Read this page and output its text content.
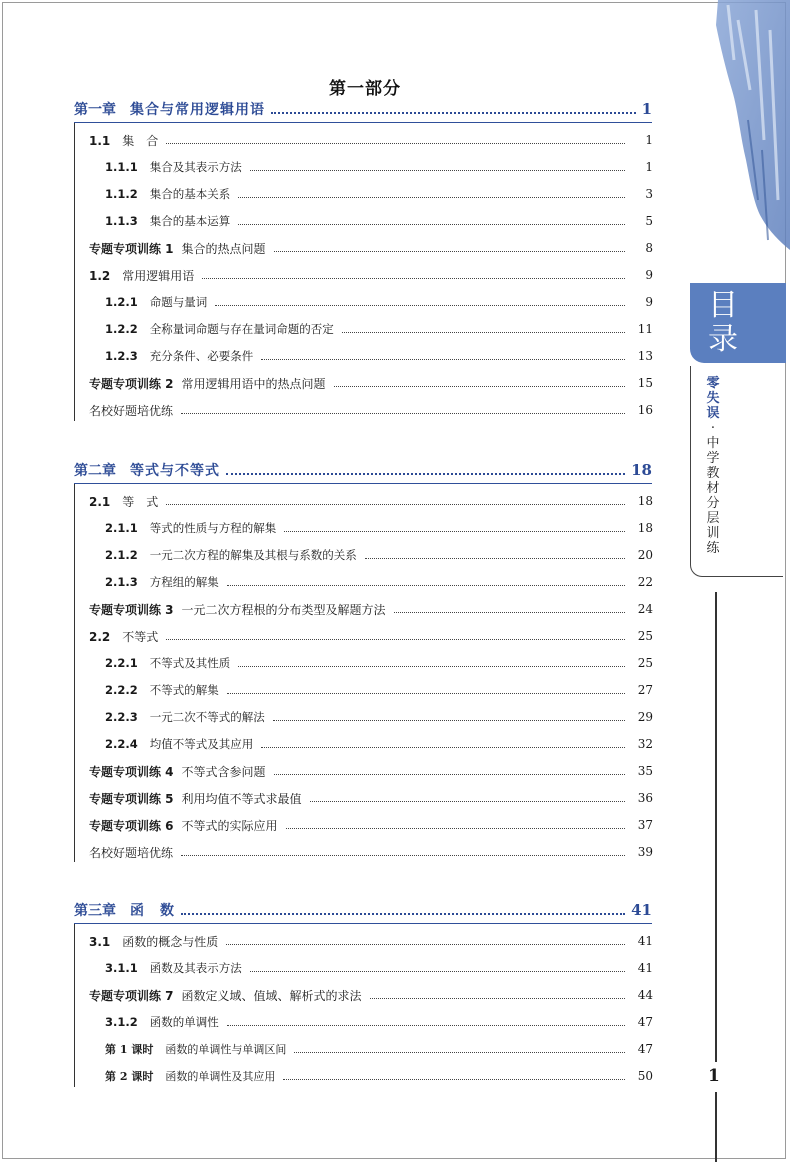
第一部分
第一章 集合与常用逻辑用语	1
1.1 集　合	1
1.1.1 集合及其表示方法	1
1.1.2 集合的基本关系	3
1.1.3 集合的基本运算	5
专题专项训练 1 集合的热点问题	8
1.2 常用逻辑用语	9
1.2.1 命题与量词	9
1.2.2 全称量词命题与存在量词命题的否定	11
1.2.3 充分条件、必要条件	13
专题专项训练 2 常用逻辑用语中的热点问题	15
名校好题培优练	16
第二章 等式与不等式	18
2.1 等　式	18
2.1.1 等式的性质与方程的解集	18
2.1.2 一元二次方程的解集及其根与系数的关系	20
2.1.3 方程组的解集	22
专题专项训练 3 一元二次方程根的分布类型及解题方法	24
2.2 不等式	25
2.2.1 不等式及其性质	25
2.2.2 不等式的解集	27
2.2.3 一元二次不等式的解法	29
2.2.4 均值不等式及其应用	32
专题专项训练 4 不等式含参问题	35
专题专项训练 5 利用均值不等式求最值	36
专题专项训练 6 不等式的实际应用	37
名校好题培优练	39
第三章 函　数	41
3.1 函数的概念与性质	41
3.1.1 函数及其表示方法	41
专题专项训练 7 函数定义域、值域、解析式的求法	44
3.1.2 函数的单调性	47
第 1 课时 函数的单调性与单调区间	47
第 2 课时 函数的单调性及其应用	50
目
录
零失误 · 中学教材分层训练
1
